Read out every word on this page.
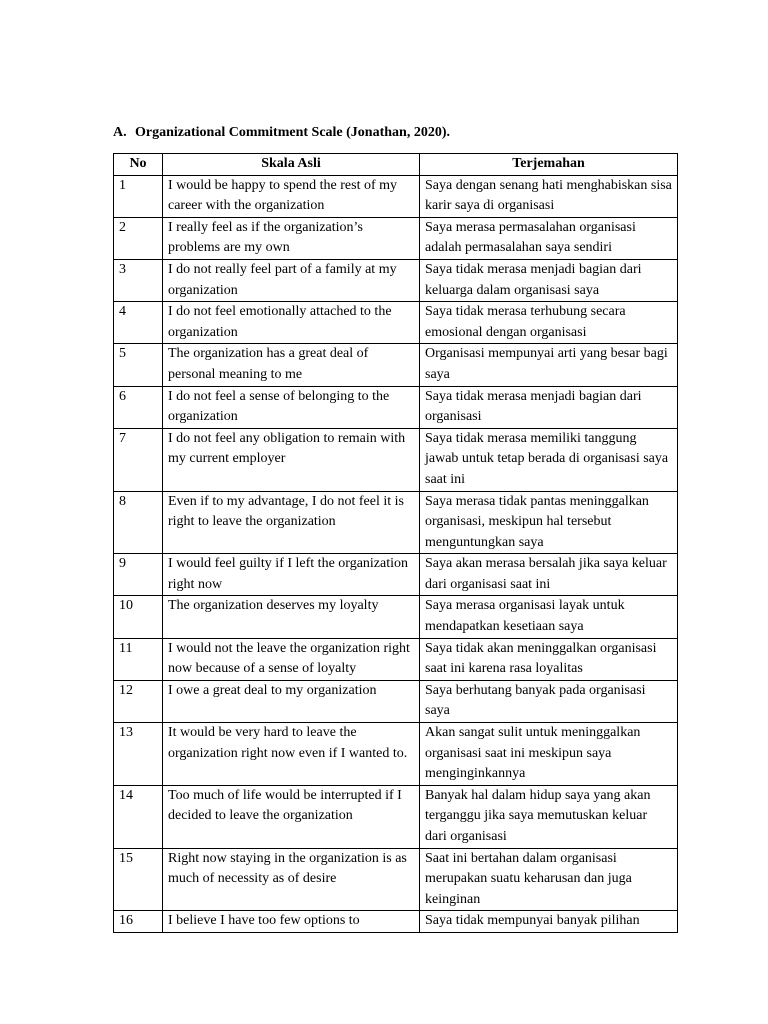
A. Organizational Commitment Scale (Jonathan, 2020).
No	Skala Asli	Terjemahan
1	I would be happy to spend the rest of my career with the organization	Saya dengan senang hati menghabiskan sisa karir saya di organisasi
2	I really feel as if the organization’s problems are my own	Saya merasa permasalahan organisasi adalah permasalahan saya sendiri
3	I do not really feel part of a family at my organization	Saya tidak merasa menjadi bagian dari keluarga dalam organisasi saya
4	I do not feel emotionally attached to the organization	Saya tidak merasa terhubung secara emosional dengan organisasi
5	The organization has a great deal of personal meaning to me	Organisasi mempunyai arti yang besar bagi saya
6	I do not feel a sense of belonging to the organization	Saya tidak merasa menjadi bagian dari organisasi
7	I do not feel any obligation to remain with my current employer	Saya tidak merasa memiliki tanggung jawab untuk tetap berada di organisasi saya saat ini
8	Even if to my advantage, I do not feel it is right to leave the organization	Saya merasa tidak pantas meninggalkan organisasi, meskipun hal tersebut menguntungkan saya
9	I would feel guilty if I left the organization right now	Saya akan merasa bersalah jika saya keluar dari organisasi saat ini
10	The organization deserves my loyalty	Saya merasa organisasi layak untuk mendapatkan kesetiaan saya
11	I would not the leave the organization right now because of a sense of loyalty	Saya tidak akan meninggalkan organisasi saat ini karena rasa loyalitas
12	I owe a great deal to my organization	Saya berhutang banyak pada organisasi saya
13	It would be very hard to leave the organization right now even if I wanted to.	Akan sangat sulit untuk meninggalkan organisasi saat ini meskipun saya menginginkannya
14	Too much of life would be interrupted if I decided to leave the organization	Banyak hal dalam hidup saya yang akan terganggu jika saya memutuskan keluar dari organisasi
15	Right now staying in the organization is as much of necessity as of desire	Saat ini bertahan dalam organisasi merupakan suatu keharusan dan juga keinginan
16	I believe I have too few options to	Saya tidak mempunyai banyak pilihan
